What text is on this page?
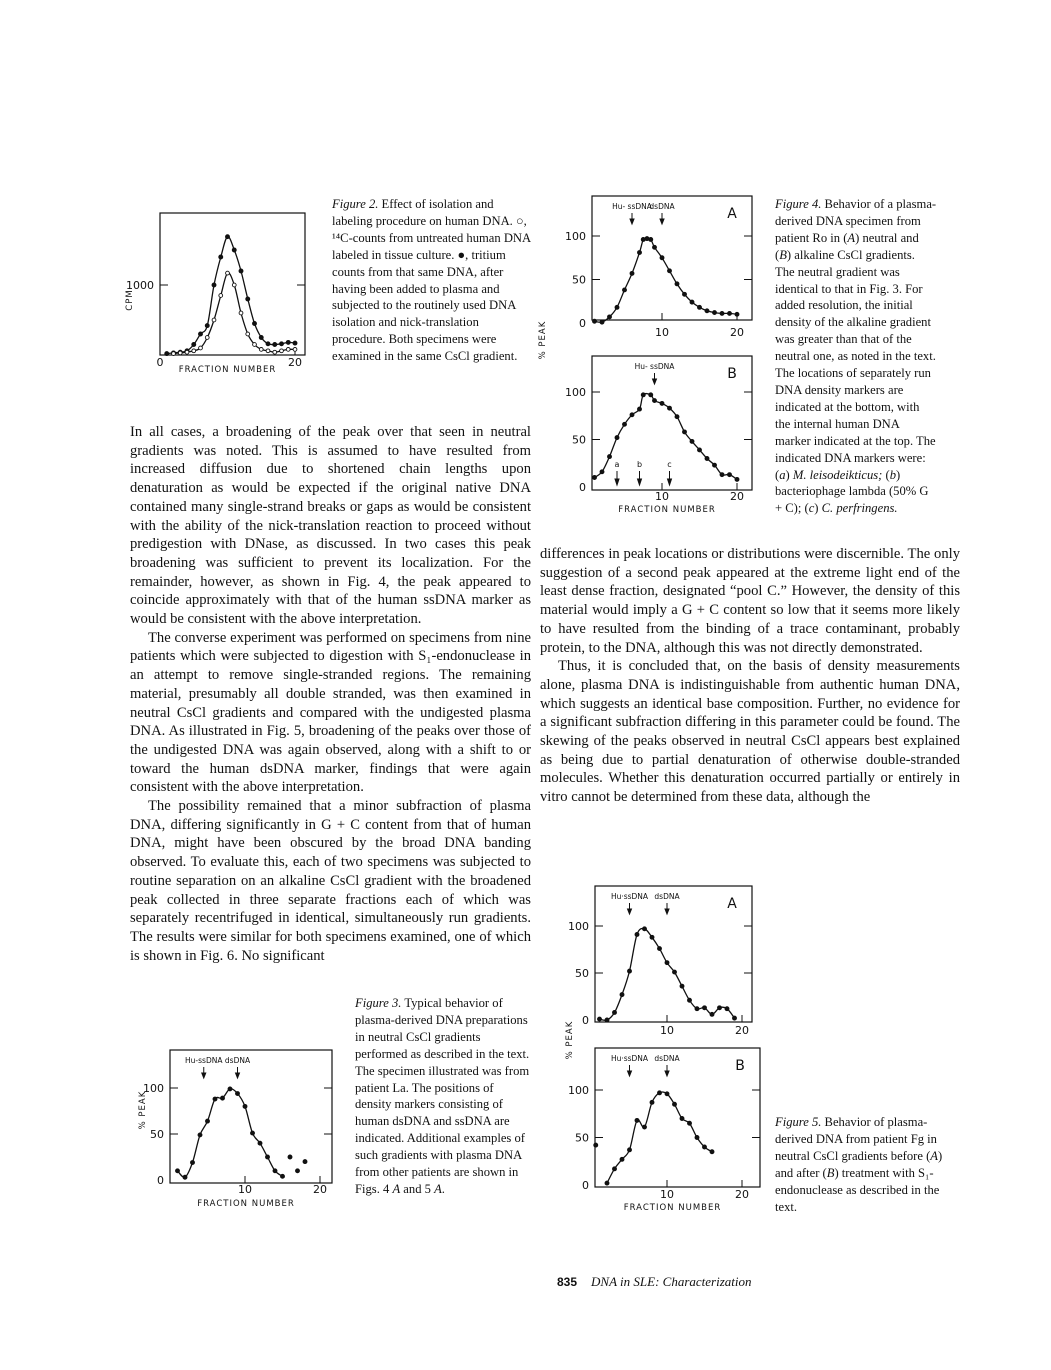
In all cases, a broadening of the peak over that seen in neutral gradients was noted. This is assumed to have resulted from increased diffusion due to shortened chain lengths upon denaturation as would be expected if the original native DNA contained many single-strand breaks or gaps as would be consistent with the ability of the nick-translation reaction to proceed without predigestion with DNase, as discussed. In two cases this peak broadening was sufficient to prevent its localization. For the remainder, however, as shown in Fig. 4, the peak appeared to coincide approximately with that of the human ssDNA marker as would be consistent with the above interpretation.

The converse experiment was performed on specimens from nine patients which were subjected to digestion with S₁-endonuclease in an attempt to remove single-stranded regions. The remaining material, presumably all double stranded, was then examined in neutral CsCl gradients and compared with the undigested plasma DNA. As illustrated in Fig. 5, broadening of the peaks over those of the undigested DNA was again observed, along with a shift to or toward the human dsDNA marker, findings that were again consistent with the above interpretation.

The possibility remained that a minor subfraction of plasma DNA, differing significantly in G + C content from that of human DNA, might have been obscured by the broad DNA banding observed. To evaluate this, each of two specimens was subjected to routine separation on an alkaline CsCl gradient with the broadened peak collected in three separate fractions each of which was separately recentrifuged in identical, simultaneously run gradients. The results were similar for both specimens examined, one of which is shown in Fig. 6. No significant

differences in peak locations or distributions were discernible. The only suggestion of a second peak appeared at the extreme light end of the least dense fraction, designated “pool C.” However, the density of this material would imply a G + C content so low that it seems more likely to have resulted from the binding of a trace contaminant, probably protein, to the DNA, although this was not directly demonstrated.

Thus, it is concluded that, on the basis of density measurements alone, plasma DNA is indistinguishable from authentic human DNA, which suggests an identical base composition. Further, no evidence for a significant subfraction differing in this parameter could be found. The skewing of the peaks observed in neutral CsCl appears best explained as being due to partial denaturation of otherwise double-stranded molecules. Whether this denaturation occurred partially or entirely in vitro cannot be determined from these data, although the

Figure 2. Effect of isolation and labeling procedure on human DNA. ○, ¹⁴C-counts from untreated human DNA labeled in tissue culture. ●, tritium counts from that same DNA, after having been added to plasma and subjected to the routinely used DNA isolation and nick-translation procedure. Both specimens were examined in the same CsCl gradient.
Figure 4. Behavior of a plasma-derived DNA specimen from patient Ro in (A) neutral and (B) alkaline CsCl gradients. The neutral gradient was identical to that in Fig. 3. For added resolution, the initial density of the alkaline gradient was greater than that of the neutral one, as noted in the text. The locations of separately run DNA density markers are indicated at the bottom, with the internal human DNA marker indicated at the top. The indicated DNA markers were: (a) M. leisodeikticus; (b) bacteriophage lambda (50% G + C); (c) C. perfringens.
Figure 3. Typical behavior of plasma-derived DNA preparations in neutral CsCl gradients performed as described in the text. The specimen illustrated was from patient La. The positions of density markers consisting of human dsDNA and ssDNA are indicated. Additional examples of such gradients with plasma DNA from other patients are shown in Figs. 4 A and 5 A.
Figure 5. Behavior of plasma-derived DNA from patient Fg in neutral CsCl gradients before (A) and after (B) treatment with S₁-endonuclease as described in the text.
1000
0	20
FRACTION NUMBER
CPM
0
50
100
10	20
% PEAK
A
Hu- ssDNA
dsDNA
0
50
100
10	20
FRACTION NUMBER
B
Hu- ssDNA
a b	c
0
50
100
10	20
FRACTION NUMBER
% PEAK
Hu-ssDNA dsDNA
0
50
100
10	20
% PEAK
A
Hu·ssDNA dsDNA
0
50
100
10	20
FRACTION NUMBER
B
Hu·ssDNA dsDNA
835 DNA in SLE: Characterization
